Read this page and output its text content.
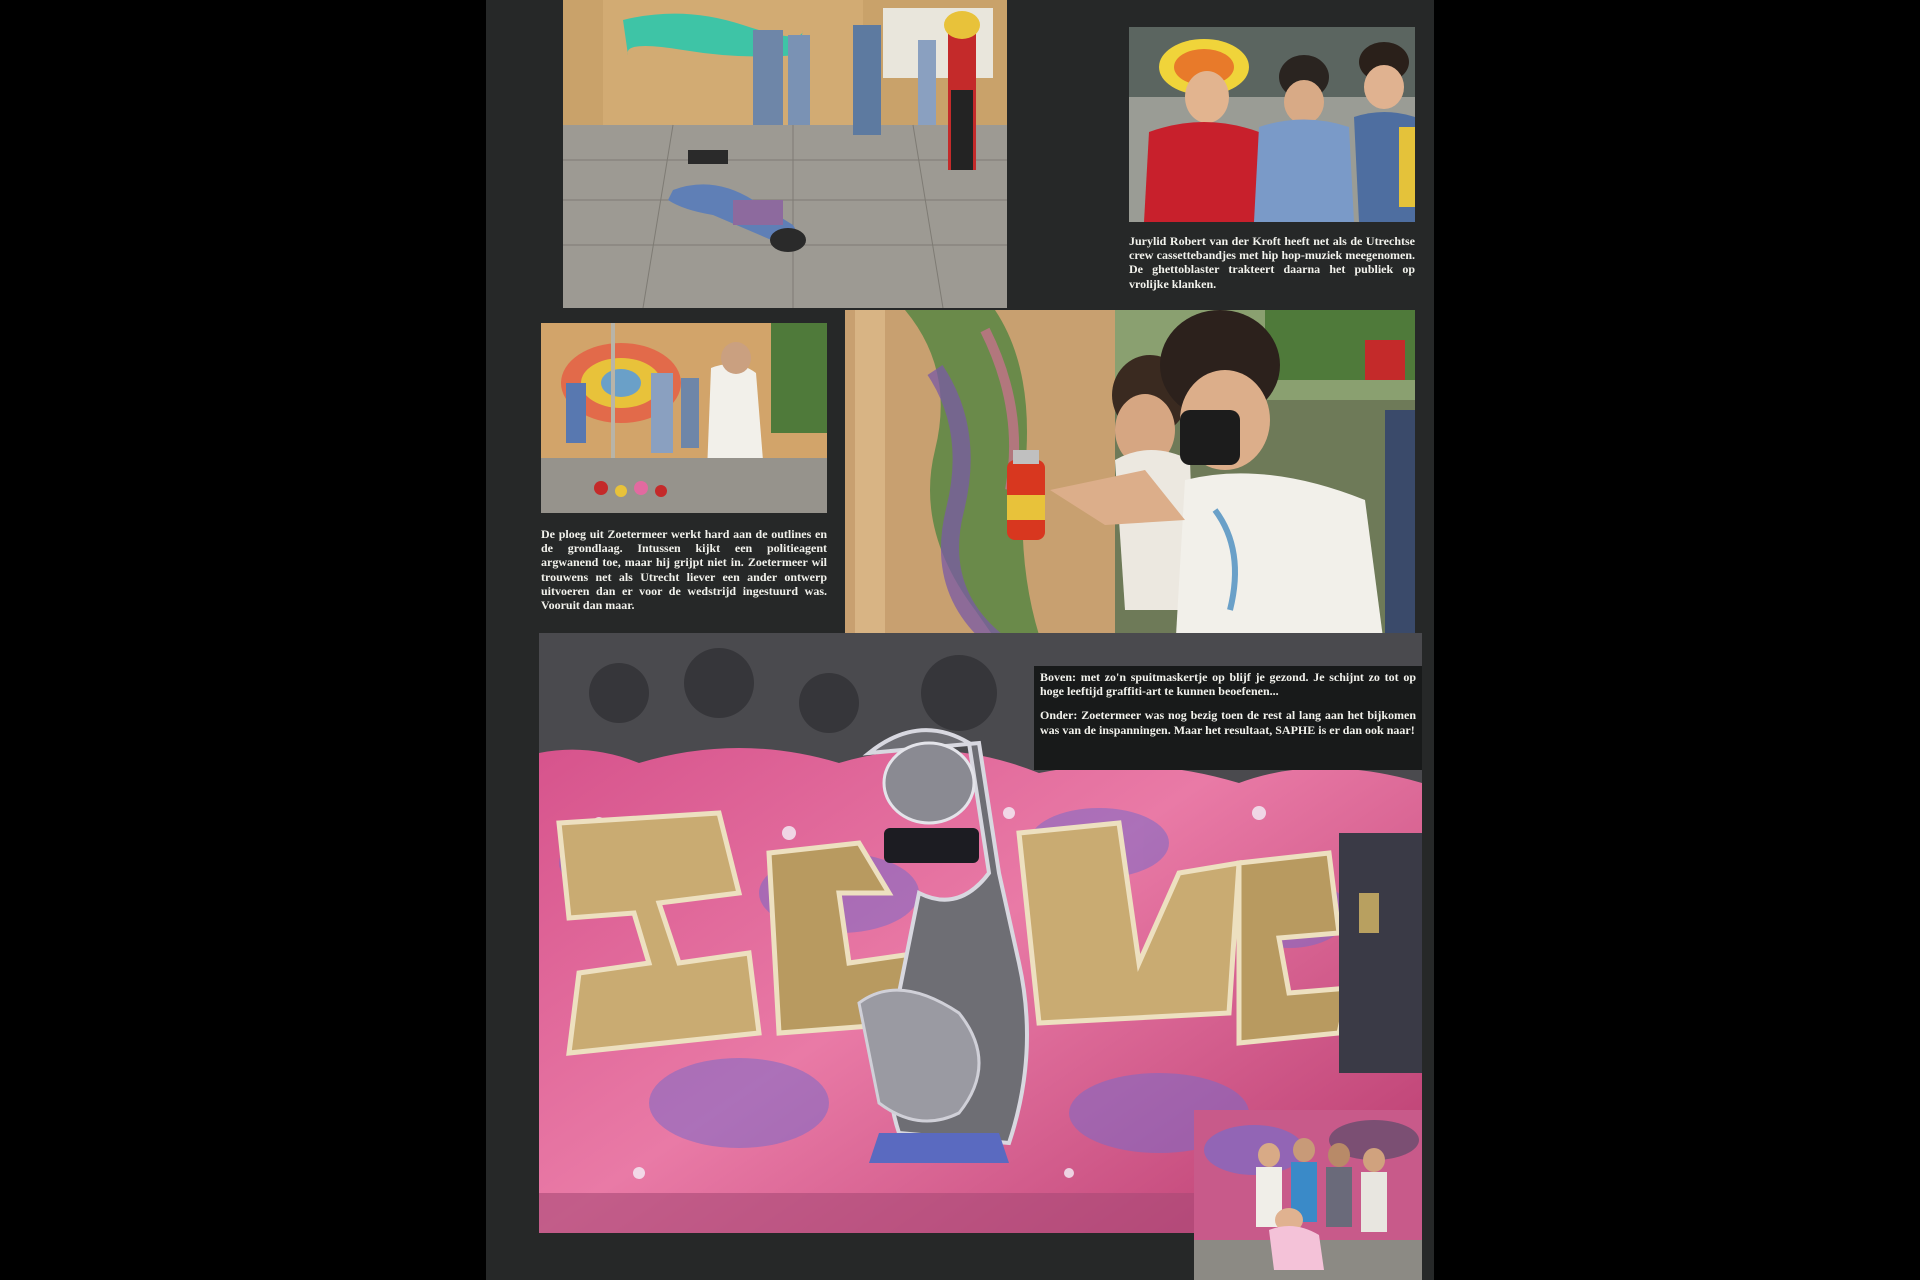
Jurylid Robert van der Kroft heeft net als de Utrechtse crew cassettebandjes met hip hop-muziek meegenomen. De ghettoblaster trakteert daarna het publiek op vrolijke klanken.

De ploeg uit Zoetermeer werkt hard aan de outlines en de grondlaag. Intussen kijkt een politieagent argwanend toe, maar hij grijpt niet in. Zoetermeer wil trouwens net als Utrecht liever een ander ontwerp uitvoeren dan er voor de wedstrijd ingestuurd was. Vooruit dan maar.

Boven: met zo'n spuitmaskertje op blijf je gezond. Je schijnt zo tot op hoge leeftijd graffiti-art te kunnen beoefenen...

Onder: Zoetermeer was nog bezig toen de rest al lang aan het bijkomen was van de inspanningen. Maar het resultaat, SAPHE is er dan ook naar!
